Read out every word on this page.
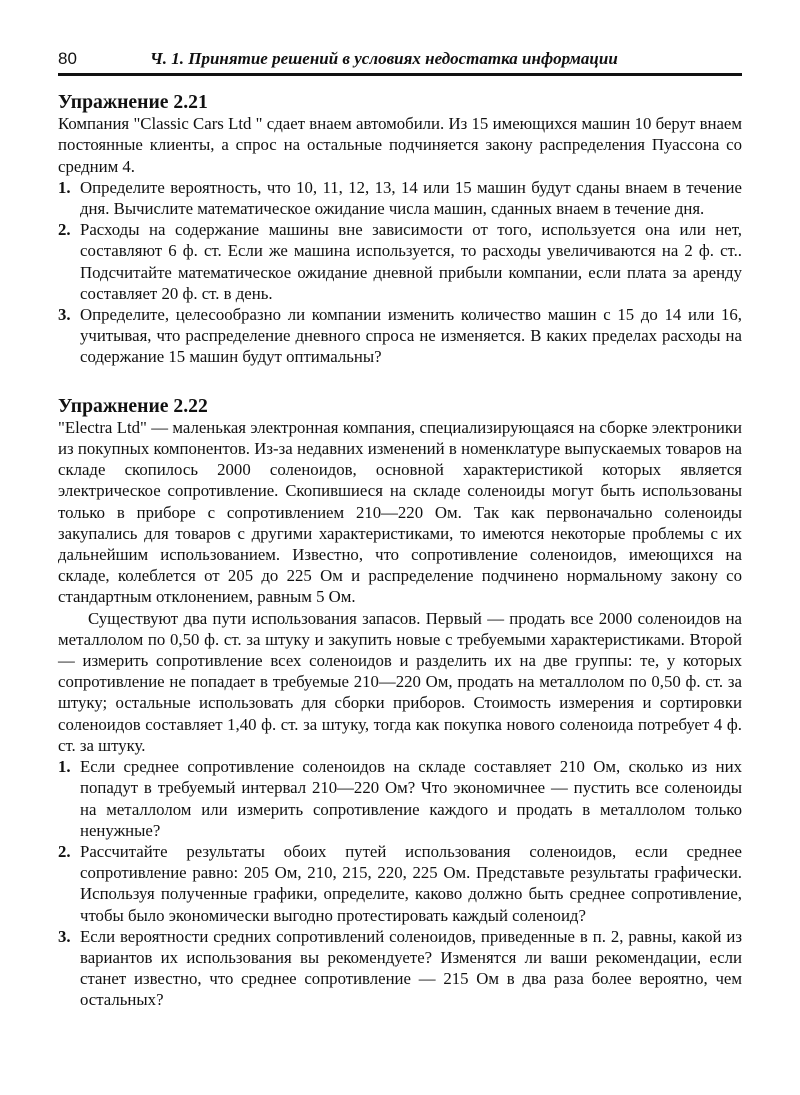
80	Ч. 1. Принятие решений в условиях недостатка информации
Упражнение 2.21

Компания "Classic Cars Ltd " сдает внаем автомобили. Из 15 имеющихся машин 10 берут внаем постоянные клиенты, а спрос на остальные подчиняется закону распределения Пуассона со средним 4.

1. Определите вероятность, что 10, 11, 12, 13, 14 или 15 машин будут сданы внаем в течение дня. Вычислите математическое ожидание числа машин, сданных внаем в течение дня.
2. Расходы на содержание машины вне зависимости от того, используется она или нет, составляют 6 ф. ст. Если же машина используется, то расходы увеличиваются на 2 ф. ст.. Подсчитайте математическое ожидание дневной прибыли компании, если плата за аренду составляет 20 ф. ст. в день.
3. Определите, целесообразно ли компании изменить количество машин с 15 до 14 или 16, учитывая, что распределение дневного спроса не изменяется. В каких пределах расходы на содержание 15 машин будут оптимальны?
Упражнение 2.22

"Electra Ltd" — маленькая электронная компания, специализирующаяся на сборке электроники из покупных компонентов. Из-за недавних изменений в номенклатуре выпускаемых товаров на складе скопилось 2000 соленоидов, основной характеристикой которых является электрическое сопротивление. Скопившиеся на складе соленоиды могут быть использованы только в приборе с сопротивлением 210—220 Ом. Так как первоначально соленоиды закупались для товаров с другими характеристиками, то имеются некоторые проблемы с их дальнейшим использованием. Известно, что сопротивление соленоидов, имеющихся на складе, колеблется от 205 до 225 Ом и распределение подчинено нормальному закону со стандартным отклонением, равным 5 Ом.

Существуют два пути использования запасов. Первый — продать все 2000 соленоидов на металлолом по 0,50 ф. ст. за штуку и закупить новые с требуемыми характеристиками. Второй — измерить сопротивление всех соленоидов и разделить их на две группы: те, у которых сопротивление не попадает в требуемые 210—220 Ом, продать на металлолом по 0,50 ф. ст. за штуку; остальные использовать для сборки приборов. Стоимость измерения и сортировки соленоидов составляет 1,40 ф. ст. за штуку, тогда как покупка нового соленоида потребует 4 ф. ст. за штуку.

1. Если среднее сопротивление соленоидов на складе составляет 210 Ом, сколько из них попадут в требуемый интервал 210—220 Ом? Что экономичнее — пустить все соленоиды на металлолом или измерить сопротивление каждого и продать в металлолом только ненужные?
2. Рассчитайте результаты обоих путей использования соленоидов, если среднее сопротивление равно: 205 Ом, 210, 215, 220, 225 Ом. Представьте результаты графически. Используя полученные графики, определите, каково должно быть среднее сопротивление, чтобы было экономически выгодно протестировать каждый соленоид?
3. Если вероятности средних сопротивлений соленоидов, приведенные в п. 2, равны, какой из вариантов их использования вы рекомендуете? Изменятся ли ваши рекомендации, если станет известно, что среднее сопротивление — 215 Ом в два раза более вероятно, чем остальных?
